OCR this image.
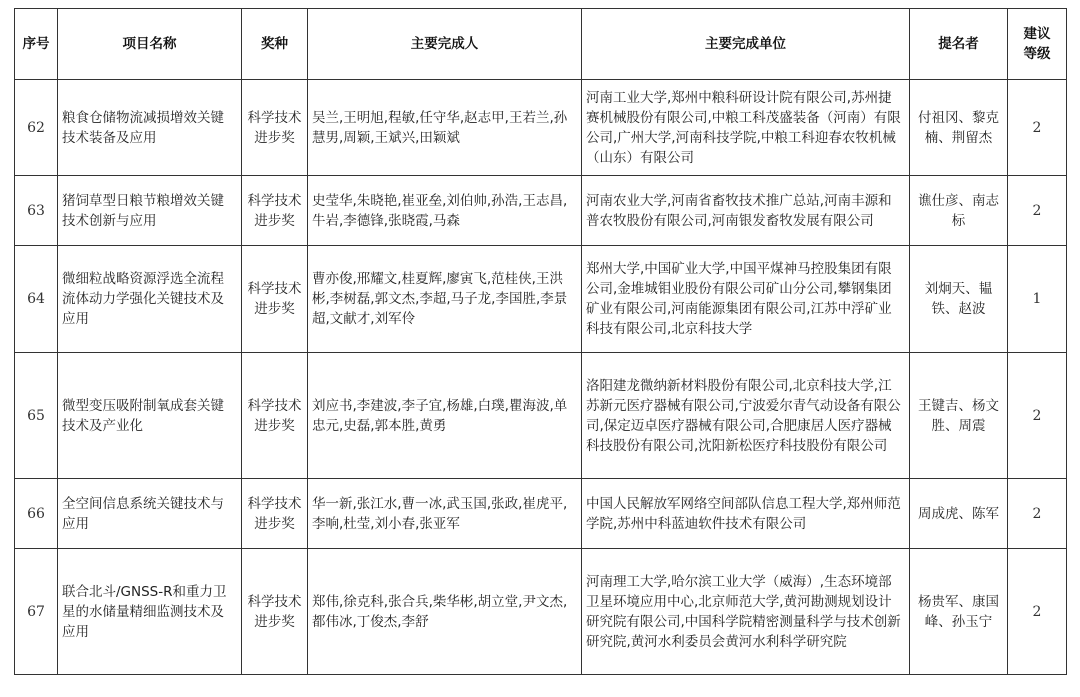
序号	项目名称	奖种	主要完成人	主要完成单位	提名者	建议等级
62	粮食仓储物流减损增效关键技术装备及应用	科学技术进步奖	吴兰,王明旭,程敏,任守华,赵志甲,王若兰,孙慧男,周颖,王斌兴,田颖斌	河南工业大学,郑州中粮科研设计院有限公司,苏州捷赛机械股份有限公司,中粮工科茂盛装备（河南）有限公司,广州大学,河南科技学院,中粮工科迎春农牧机械（山东）有限公司	付祖冈、黎克楠、荆留杰	2
63	猪饲草型日粮节粮增效关键技术创新与应用	科学技术进步奖	史莹华,朱晓艳,崔亚垒,刘伯帅,孙浩,王志昌,牛岩,李德锋,张晓霞,马森	河南农业大学,河南省畜牧技术推广总站,河南丰源和普农牧股份有限公司,河南银发畜牧发展有限公司	谯仕彦、南志标	2
64	微细粒战略资源浮选全流程流体动力学强化关键技术及应用	科学技术进步奖	曹亦俊,邢耀文,桂夏辉,廖寅飞,范桂侠,王洪彬,李树磊,郭文杰,李超,马子龙,李国胜,李景超,文献才,刘军伶	郑州大学,中国矿业大学,中国平煤神马控股集团有限公司,金堆城钼业股份有限公司矿山分公司,攀钢集团矿业有限公司,河南能源集团有限公司,江苏中浮矿业科技有限公司,北京科技大学	刘炯天、韫铁、赵波	1
65	微型变压吸附制氧成套关键技术及产业化	科学技术进步奖	刘应书,李建波,李子宜,杨雄,白璞,瞿海波,单忠元,史磊,郭本胜,黄勇	洛阳建龙微纳新材料股份有限公司,北京科技大学,江苏新元医疗器械有限公司,宁波爱尔青气动设备有限公司,保定迈卓医疗器械有限公司,合肥康居人医疗器械科技股份有限公司,沈阳新松医疗科技股份有限公司	王键吉、杨文胜、周震	2
66	全空间信息系统关键技术与应用	科学技术进步奖	华一新,张江水,曹一冰,武玉国,张政,崔虎平,李响,杜莹,刘小春,张亚军	中国人民解放军网络空间部队信息工程大学,郑州师范学院,苏州中科蓝迪软件技术有限公司	周成虎、陈军	2
67	联合北斗/GNSS-R和重力卫星的水储量精细监测技术及应用	科学技术进步奖	郑伟,徐克科,张合兵,柴华彬,胡立堂,尹文杰,都伟冰,丁俊杰,李舒	河南理工大学,哈尔滨工业大学（威海）,生态环境部卫星环境应用中心,北京师范大学,黄河勘测规划设计研究院有限公司,中国科学院精密测量科学与技术创新研究院,黄河水利委员会黄河水利科学研究院	杨贵军、康国峰、孙玉宁	2
